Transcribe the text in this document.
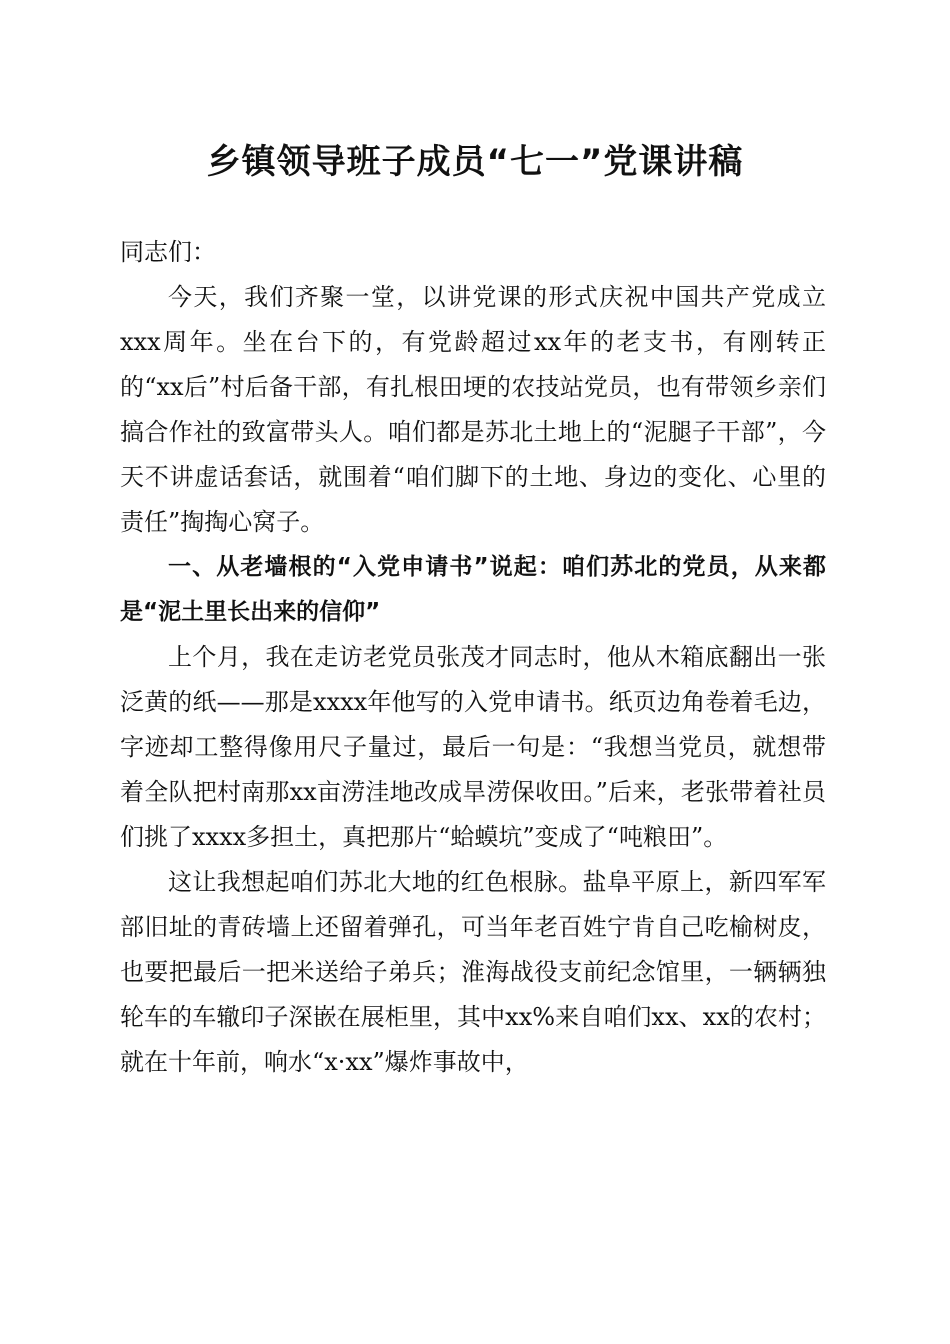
乡镇领导班子成员“七一”党课讲稿

同志们：

今天，我们齐聚一堂，以讲党课的形式庆祝中国共产党成立xxx周年。坐在台下的，有党龄超过xx年的老支书，有刚转正的“xx后”村后备干部，有扎根田埂的农技站党员，也有带领乡亲们搞合作社的致富带头人。咱们都是苏北土地上的“泥腿子干部”，今天不讲虚话套话，就围着“咱们脚下的土地、身边的变化、心里的责任”掏掏心窝子。

一、从老墙根的“入党申请书”说起：咱们苏北的党员，从来都是“泥土里长出来的信仰”

上个月，我在走访老党员张茂才同志时，他从木箱底翻出一张泛黄的纸——那是xxxx年他写的入党申请书。纸页边角卷着毛边，字迹却工整得像用尺子量过，最后一句是：“我想当党员，就想带着全队把村南那xx亩涝洼地改成旱涝保收田。”后来，老张带着社员们挑了xxxx多担土，真把那片“蛤蟆坑”变成了“吨粮田”。

这让我想起咱们苏北大地的红色根脉。盐阜平原上，新四军军部旧址的青砖墙上还留着弹孔，可当年老百姓宁肯自己吃榆树皮，也要把最后一把米送给子弟兵；淮海战役支前纪念馆里，一辆辆独轮车的车辙印子深嵌在展柜里，其中xx%来自咱们xx、xx的农村；就在十年前，响水“x·xx”爆炸事故中，
